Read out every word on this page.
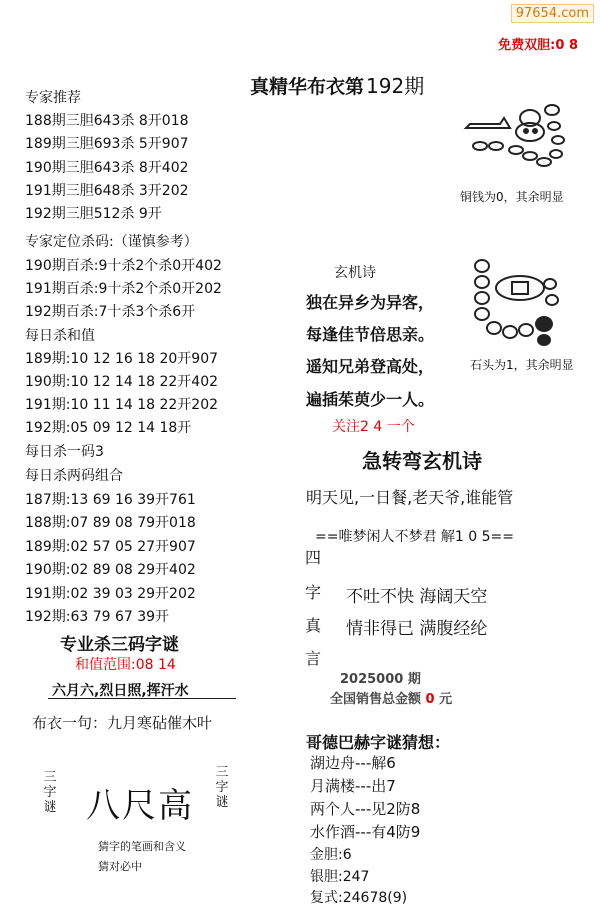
97654.com
免费双胆:0 8
真精华布衣第 192期
专家推荐
188期三胆643杀 8开018
189期三胆693杀 5开907
190期三胆643杀 8开402
191期三胆648杀 3开202
192期三胆512杀 9开
专家定位杀码:（谨慎参考）
190期百杀:9十杀2个杀0开402
191期百杀:9十杀2个杀0开202
192期百杀:7十杀3个杀6开
每日杀和值
189期:10 12 16 18 20开907
190期:10 12 14 18 22开402
191期:10 11 14 18 22开202
192期:05 09 12 14 18开
每日杀一码3
每日杀两码组合
187期:13 69 16 39开761
188期:07 89 08 79开018
189期:02 57 05 27开907
190期:02 89 08 29开402
191期:02 39 03 29开202
192期:63 79 67 39开
专业杀三码字谜
和值范围:08 14
六月六,烈日照,挥汗水
布衣一句：九月寒砧催木叶
三字谜 八尺高
三字谜
猜字的笔画和含义
猜对必中
铜钱为0，其余明显
石头为1，其余明显
玄机诗
独在异乡为异客，
每逢佳节倍思亲。
遥知兄弟登高处，
遍插茱萸少一人。
关注2 4 一个
急转弯玄机诗
明天见,一日餐,老天爷,谁能管
==唯梦闲人不梦君 解1 0 5==
四
字
真
言
不吐不快 海阔天空
情非得已 满腹经纶
2025000 期
全国销售总金额 0 元
哥德巴赫字谜猜想：
湖边舟---解6
月满楼---出7
两个人---见2防8
水作酒---有4防9
金胆:6
银胆:247
复式:24678(9)
